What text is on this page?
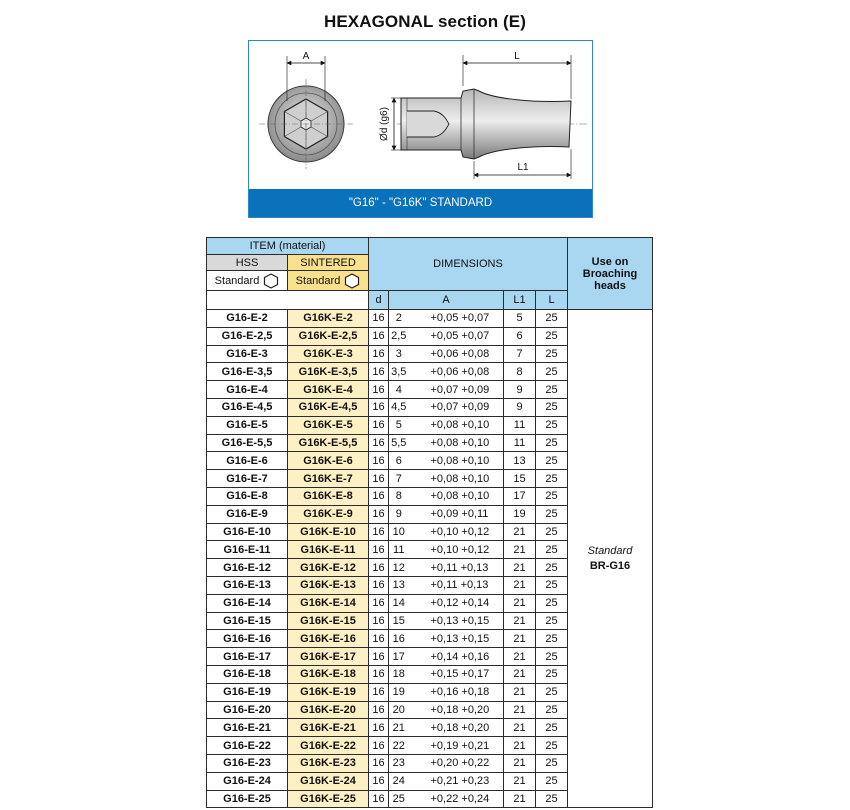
HEXAGONAL section (E)
A	L
L1
Ød (g6)
"G16" - "G16K" STANDARD
ITEM (material)		DIMENSIONS					Use on Broaching heads
HSS	SINTERED						

Standard	Standard						

		d	A		L1	L	
G16-E-2	G16K-E-2	16	2	+0,05 +0,07	5	25	Standard
BR-G16

G16-E-2,5	G16K-E-2,5	16	2,5	+0,05 +0,07	6	25	
G16-E-3	G16K-E-3	16	3	+0,06 +0,08	7	25	
G16-E-3,5	G16K-E-3,5	16	3,5	+0,06 +0,08	8	25	
G16-E-4	G16K-E-4	16	4	+0,07 +0,09	9	25	
G16-E-4,5	G16K-E-4,5	16	4,5	+0,07 +0,09	9	25	
G16-E-5	G16K-E-5	16	5	+0,08 +0,10	11	25	
G16-E-5,5	G16K-E-5,5	16	5,5	+0,08 +0,10	11	25	
G16-E-6	G16K-E-6	16	6	+0,08 +0,10	13	25	
G16-E-7	G16K-E-7	16	7	+0,08 +0,10	15	25	
G16-E-8	G16K-E-8	16	8	+0,08 +0,10	17	25	
G16-E-9	G16K-E-9	16	9	+0,09 +0,11	19	25	
G16-E-10	G16K-E-10	16	10	+0,10 +0,12	21	25	
G16-E-11	G16K-E-11	16	11	+0,10 +0,12	21	25	
G16-E-12	G16K-E-12	16	12	+0,11 +0,13	21	25	
G16-E-13	G16K-E-13	16	13	+0,11 +0,13	21	25	
G16-E-14	G16K-E-14	16	14	+0,12 +0,14	21	25	
G16-E-15	G16K-E-15	16	15	+0,13 +0,15	21	25	
G16-E-16	G16K-E-16	16	16	+0,13 +0,15	21	25	
G16-E-17	G16K-E-17	16	17	+0,14 +0,16	21	25	
G16-E-18	G16K-E-18	16	18	+0,15 +0,17	21	25	
G16-E-19	G16K-E-19	16	19	+0,16 +0,18	21	25	
G16-E-20	G16K-E-20	16	20	+0,18 +0,20	21	25	
G16-E-21	G16K-E-21	16	21	+0,18 +0,20	21	25	
G16-E-22	G16K-E-22	16	22	+0,19 +0,21	21	25	
G16-E-23	G16K-E-23	16	23	+0,20 +0,22	21	25	
G16-E-24	G16K-E-24	16	24	+0,21 +0,23	21	25	
G16-E-25	G16K-E-25	16	25	+0,22 +0,24	21	25	
